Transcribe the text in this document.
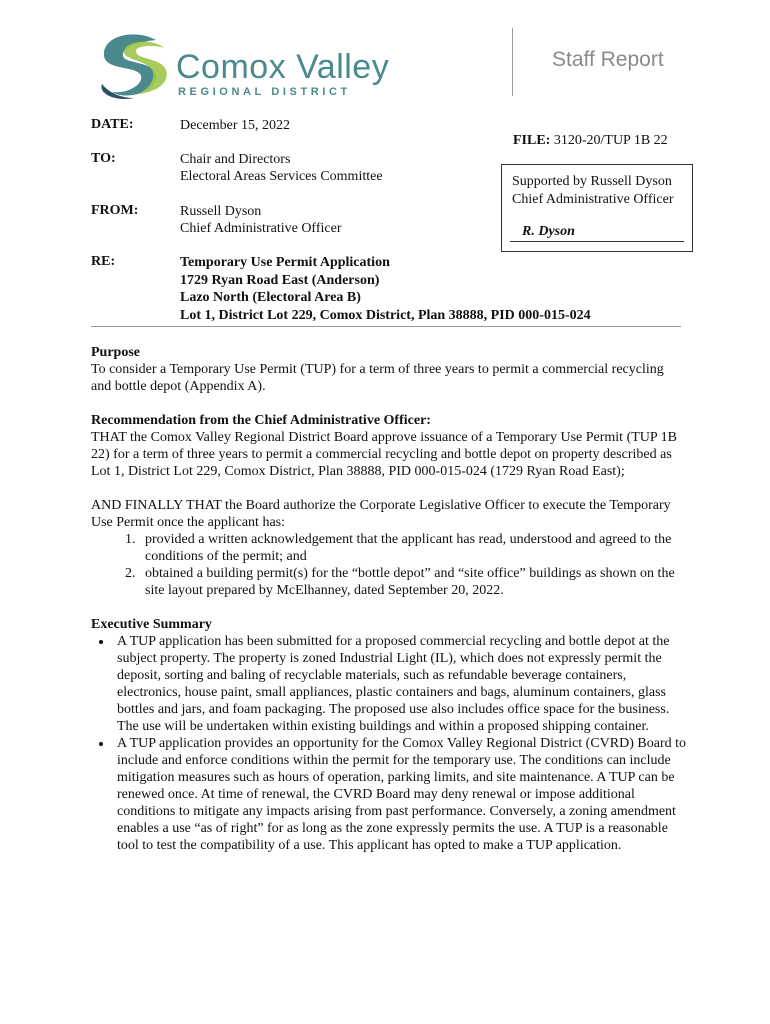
Comox Valley
REGIONAL DISTRICT
Staff Report
DATE:	December 15, 2022
FILE: 3120-20/TUP 1B 22
TO:	Chair and Directors
Electoral Areas Services Committee
FROM:	Russell Dyson
Chief Administrative Officer
Supported by Russell Dyson
Chief Administrative Officer
R. Dyson
RE:	Temporary Use Permit Application
1729 Ryan Road East (Anderson)
Lazo North (Electoral Area B)
Lot 1, District Lot 229, Comox District, Plan 38888, PID 000-015-024
Purpose

To consider a Temporary Use Permit (TUP) for a term of three years to permit a commercial recycling and bottle depot (Appendix A).

Recommendation from the Chief Administrative Officer:

THAT the Comox Valley Regional District Board approve issuance of a Temporary Use Permit (TUP 1B 22) for a term of three years to permit a commercial recycling and bottle depot on property described as Lot 1, District Lot 229, Comox District, Plan 38888, PID 000-015-024 (1729 Ryan Road East);

AND FINALLY THAT the Board authorize the Corporate Legislative Officer to execute the Temporary Use Permit once the applicant has:

1. provided a written acknowledgement that the applicant has read, understood and agreed to the conditions of the permit; and
2. obtained a building permit(s) for the “bottle depot” and “site office” buildings as shown on the site layout prepared by McElhanney, dated September 20, 2022.
Executive Summary
• A TUP application has been submitted for a proposed commercial recycling and bottle depot at the subject property. The property is zoned Industrial Light (IL), which does not expressly permit the deposit, sorting and baling of recyclable materials, such as refundable beverage containers, electronics, house paint, small appliances, plastic containers and bags, aluminum containers, glass bottles and jars, and foam packaging. The proposed use also includes office space for the business. The use will be undertaken within existing buildings and within a proposed shipping container.
• A TUP application provides an opportunity for the Comox Valley Regional District (CVRD) Board to include and enforce conditions within the permit for the temporary use. The conditions can include mitigation measures such as hours of operation, parking limits, and site maintenance. A TUP can be renewed once. At time of renewal, the CVRD Board may deny renewal or impose additional conditions to mitigate any impacts arising from past performance. Conversely, a zoning amendment enables a use “as of right” for as long as the zone expressly permits the use. A TUP is a reasonable tool to test the compatibility of a use. This applicant has opted to make a TUP application.
